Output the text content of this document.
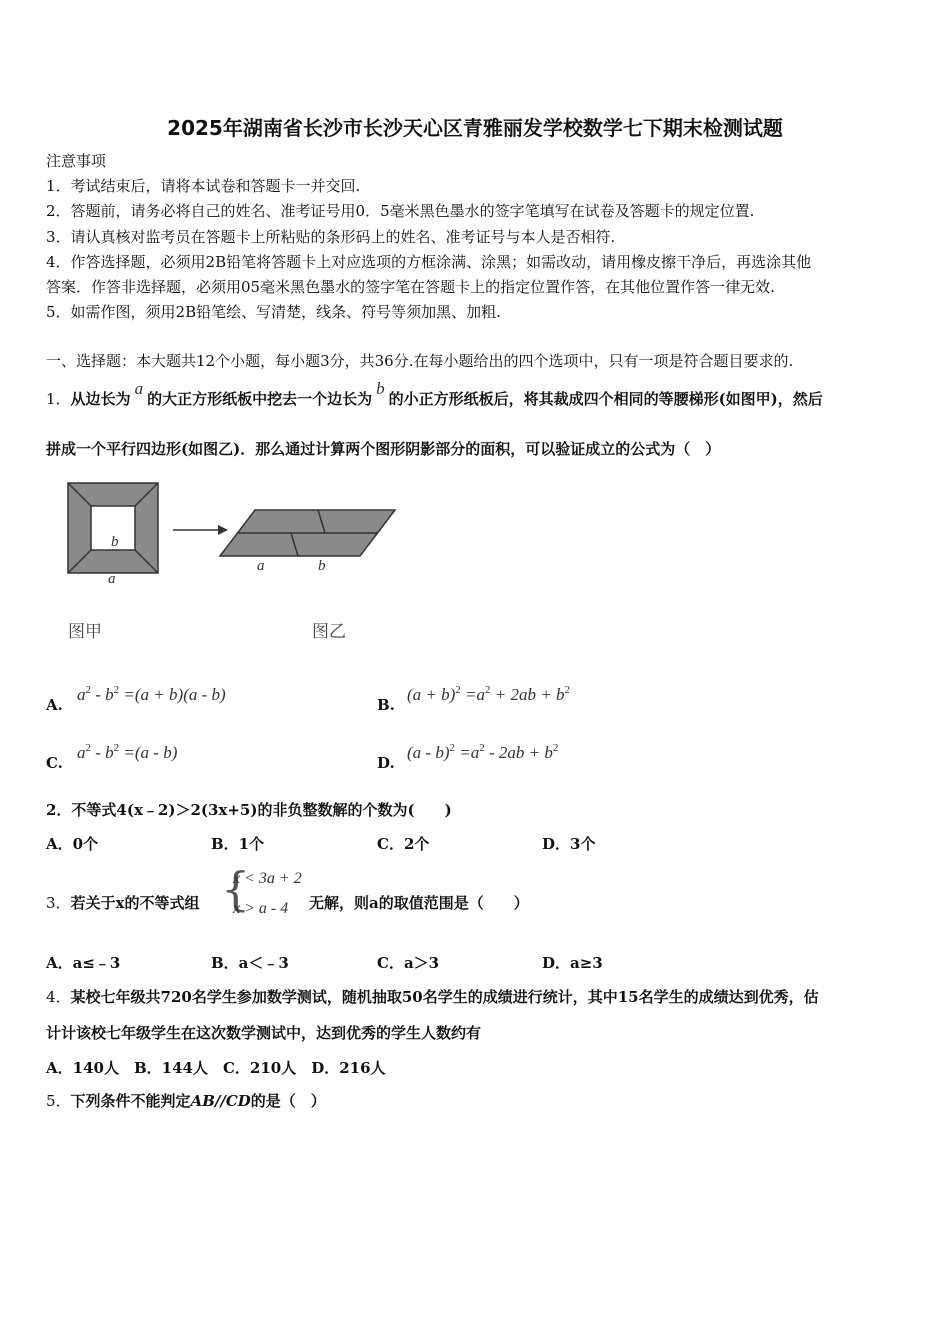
2025年湖南省长沙市长沙天心区青雅丽发学校数学七下期末检测试题
注意事项
1．考试结束后，请将本试卷和答题卡一并交回.
2．答题前，请务必将自己的姓名、准考证号用0．5毫米黑色墨水的签字笔填写在试卷及答题卡的规定位置.
3．请认真核对监考员在答题卡上所粘贴的条形码上的姓名、准考证号与本人是否相符.
4．作答选择题，必须用2B铅笔将答题卡上对应选项的方框涂满、涂黑；如需改动，请用橡皮擦干净后，再选涂其他
答案．作答非选择题，必须用05毫米黑色墨水的签字笔在答题卡上的指定位置作答，在其他位置作答一律无效.
5．如需作图，须用2B铅笔绘、写清楚，线条、符号等须加黑、加粗.
一、选择题：本大题共12个小题，每小题3分，共36分.在每小题给出的四个选项中，只有一项是符合题目要求的.
1．从边长为a的大正方形纸板中挖去一个边长为b的小正方形纸板后，将其裁成四个相同的等腰梯形(如图甲)，然后
拼成一个平行四边形(如图乙)．那么通过计算两个图形阴影部分的面积，可以验证成立的公式为（　）
b
a
a	b
图甲	图乙
A.
$a^2 - b^2 =(a + b)(a - b)$
B.
$(a + b)^2 =a^2 + 2ab + b^2$
C.
$a^2 - b^2 =(a - b)$
D.
$(a - b)^2 =a^2 - 2ab + b^2$
2．不等式4(x﹣2)＞2(3x+5)的非负整数解的个数为(　　)
A．0个	B．1个	C．2个	D．3个
3．若关于x的不等式组 {
x < 3a + 2
x > a - 4 无解，则a的取值范围是（　　）
A．a≤﹣3	B．a＜﹣3	C．a＞3	D．a≥3
4．某校七年级共720名学生参加数学测试，随机抽取50名学生的成绩进行统计，其中15名学生的成绩达到优秀，估
计计该校七年级学生在这次数学测试中，达到优秀的学生人数约有
A．140人　B．144人　C．210人　D．216人
5．下列条件不能判定AB//CD的是（　）
